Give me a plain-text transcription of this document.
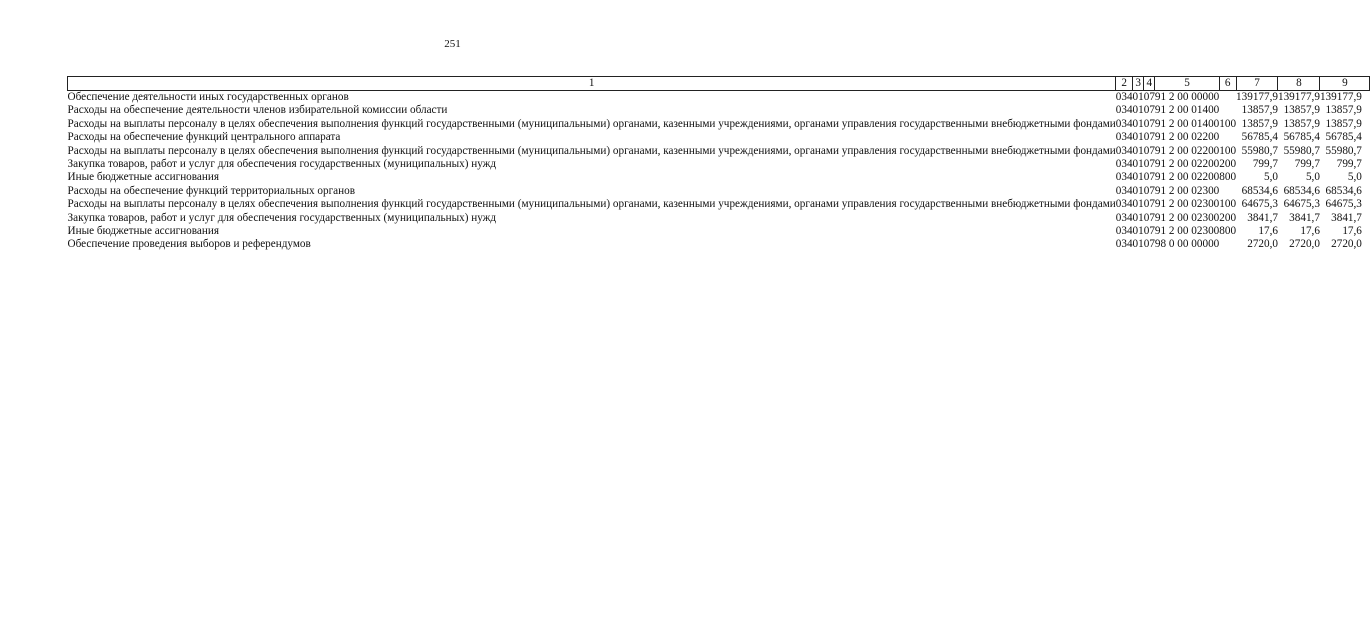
251
1	2	3	4	5	6	7	8	9
Обеспечение деятельности иных государственных органов	034	01	07	91 2 00 00000		139177,9	139177,9	139177,9
Расходы на обеспечение деятельности членов избирательной комиссии области	034	01	07	91 2 00 01400		13857,9	13857,9	13857,9
Расходы на выплаты персоналу в целях обеспечения выполнения функций государственными (муниципальными) органами, казенными учреждениями, органами управления государственными внебюджетными фондами	034	01	07	91 2 00 01400	100	13857,9	13857,9	13857,9
Расходы на обеспечение функций центрального аппарата	034	01	07	91 2 00 02200		56785,4	56785,4	56785,4
Расходы на выплаты персоналу в целях обеспечения выполнения функций государственными (муниципальными) органами, казенными учреждениями, органами управления государственными внебюджетными фондами	034	01	07	91 2 00 02200	100	55980,7	55980,7	55980,7
Закупка товаров, работ и услуг для обеспечения государственных (муниципальных) нужд	034	01	07	91 2 00 02200	200	799,7	799,7	799,7
Иные бюджетные ассигнования	034	01	07	91 2 00 02200	800	5,0	5,0	5,0
Расходы на обеспечение функций территориальных органов	034	01	07	91 2 00 02300		68534,6	68534,6	68534,6
Расходы на выплаты персоналу в целях обеспечения выполнения функций государственными (муниципальными) органами, казенными учреждениями, органами управления государственными внебюджетными фондами	034	01	07	91 2 00 02300	100	64675,3	64675,3	64675,3
Закупка товаров, работ и услуг для обеспечения государственных (муниципальных) нужд	034	01	07	91 2 00 02300	200	3841,7	3841,7	3841,7
Иные бюджетные ассигнования	034	01	07	91 2 00 02300	800	17,6	17,6	17,6
Обеспечение проведения выборов и референдумов	034	01	07	98 0 00 00000		2720,0	2720,0	2720,0
